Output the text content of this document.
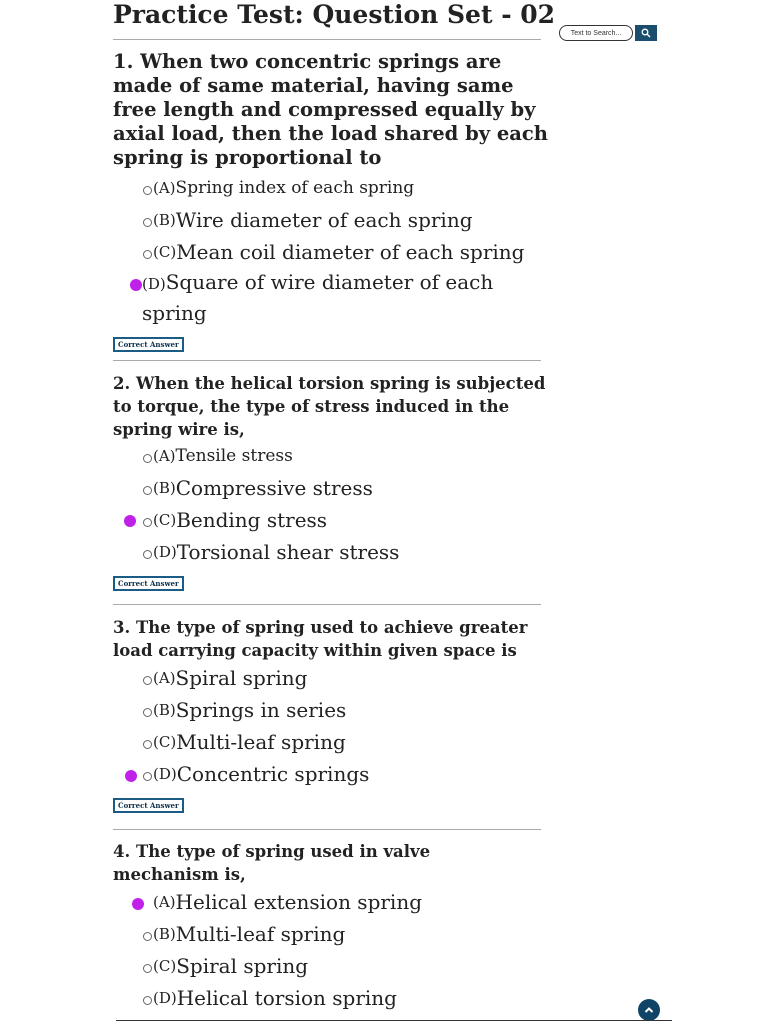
Practice Test: Question Set - 02
Text to Search...

1. When two concentric springs are made of same material, having same free length and compressed equally by axial load, then the load shared by each spring is proportional to

(A) Spring index of each spring
(B) Wire diameter of each spring
(C) Mean coil diameter of each spring
(D)Square of wire diameter of each spring
Correct Answer

2. When the helical torsion spring is subjected to torque, the type of stress induced in the spring wire is,

(A) Tensile stress
(B) Compressive stress
(C) Bending stress
(D) Torsional shear stress
Correct Answer

3. The type of spring used to achieve greater load carrying capacity within given space is

(A) Spiral spring
(B) Springs in series
(C) Multi-leaf spring
(D) Concentric springs
Correct Answer

4. The type of spring used in valve mechanism is,

(A) Helical extension spring
(B) Multi-leaf spring
(C) Spiral spring
(D) Helical torsion spring
